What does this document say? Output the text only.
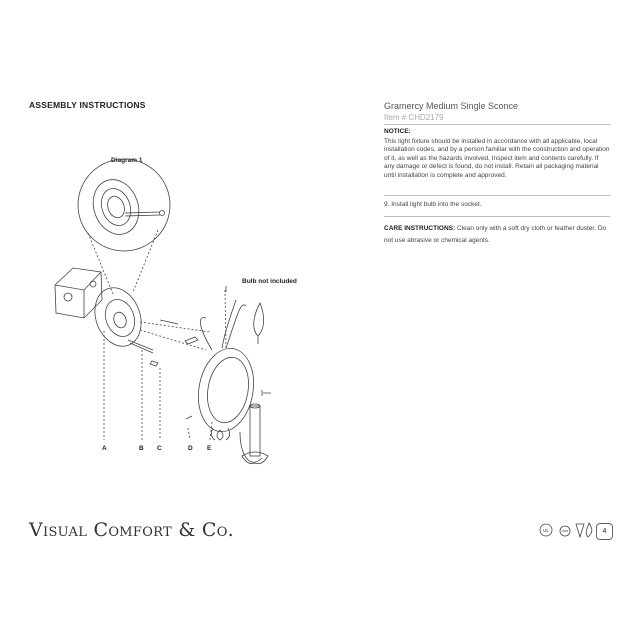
ASSEMBLY INSTRUCTIONS
Diagram 1
Bulb not included
A	B C	D E
Gramercy Medium Single Sconce
Item # CHD2179
NOTICE:
This light fixture should be installed in accordance with all applicable, local installation codes, and by a person familiar with the construction and operation of it, as well as the hazards involved. Inspect item and contents carefully. If any damage or defect is found, do not install. Retain all packaging material until installation is complete and approved.
9. Install light bulb into the socket.
CARE INSTRUCTIONS: Clean only with a soft dry cloth or feather duster. Do not use abrasive or chemical agents.
Visual Comfort & Co.	UL	4
